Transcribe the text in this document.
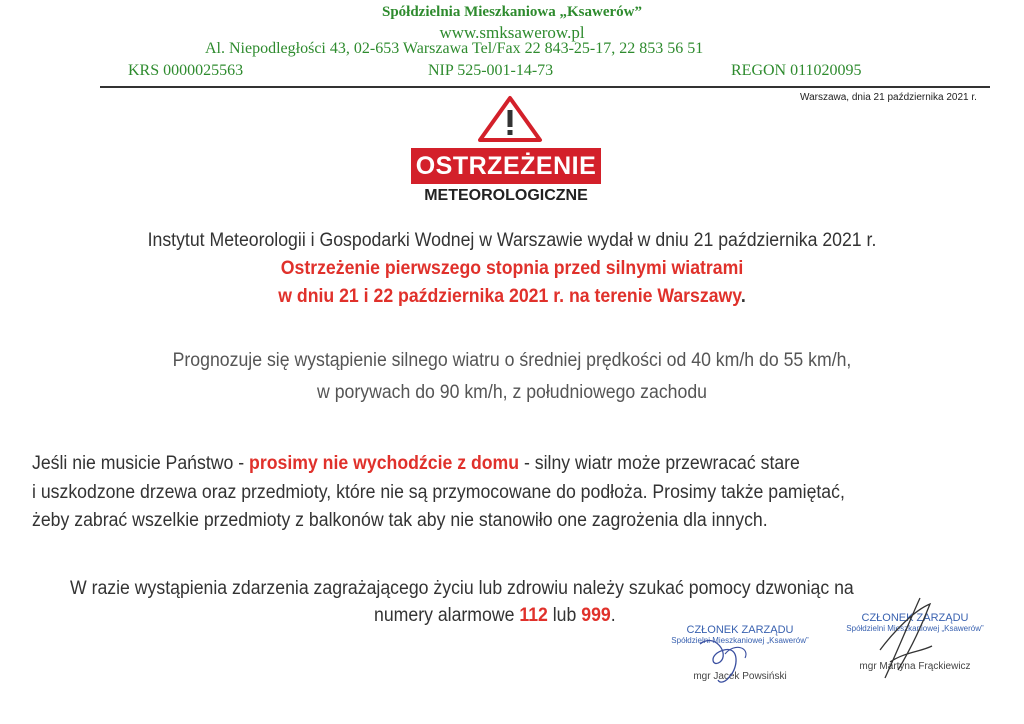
Spółdzielnia Mieszkaniowa „Ksawerów”
www.smksawerow.pl
Al. Niepodległości 43, 02-653 Warszawa Tel/Fax 22 843-25-17, 22 853 56 51
KRS 0000025563	NIP 525-001-14-73	REGON 011020095
Warszawa, dnia 21 października 2021 r.
OSTRZEŻENIE
METEOROLOGICZNE
Instytut Meteorologii i Gospodarki Wodnej w Warszawie wydał w dniu 21 października 2021 r.
Ostrzeżenie pierwszego stopnia przed silnymi wiatrami
w dniu 21 i 22 października 2021 r. na terenie Warszawy.
Prognozuje się wystąpienie silnego wiatru o średniej prędkości od 40 km/h do 55 km/h,
w porywach do 90 km/h, z południowego zachodu
Jeśli nie musicie Państwo - prosimy nie wychodźcie z domu - silny wiatr może przewracać stare
i uszkodzone drzewa oraz przedmioty, które nie są przymocowane do podłoża. Prosimy także pamiętać,
żeby zabrać wszelkie przedmioty z balkonów tak aby nie stanowiło one zagrożenia dla innych.
W razie wystąpienia zdarzenia zagrażającego życiu lub zdrowiu należy szukać pomocy dzwoniąc na
numery alarmowe 112 lub 999.
CZŁONEK ZARZĄDU
Spółdzielni Mieszkaniowej „Ksawerów”
mgr Jacek Powsiński
CZŁONEK ZARZĄDU
Spółdzielni Mieszkaniowej „Ksawerów”
mgr Martyna Frąckiewicz
